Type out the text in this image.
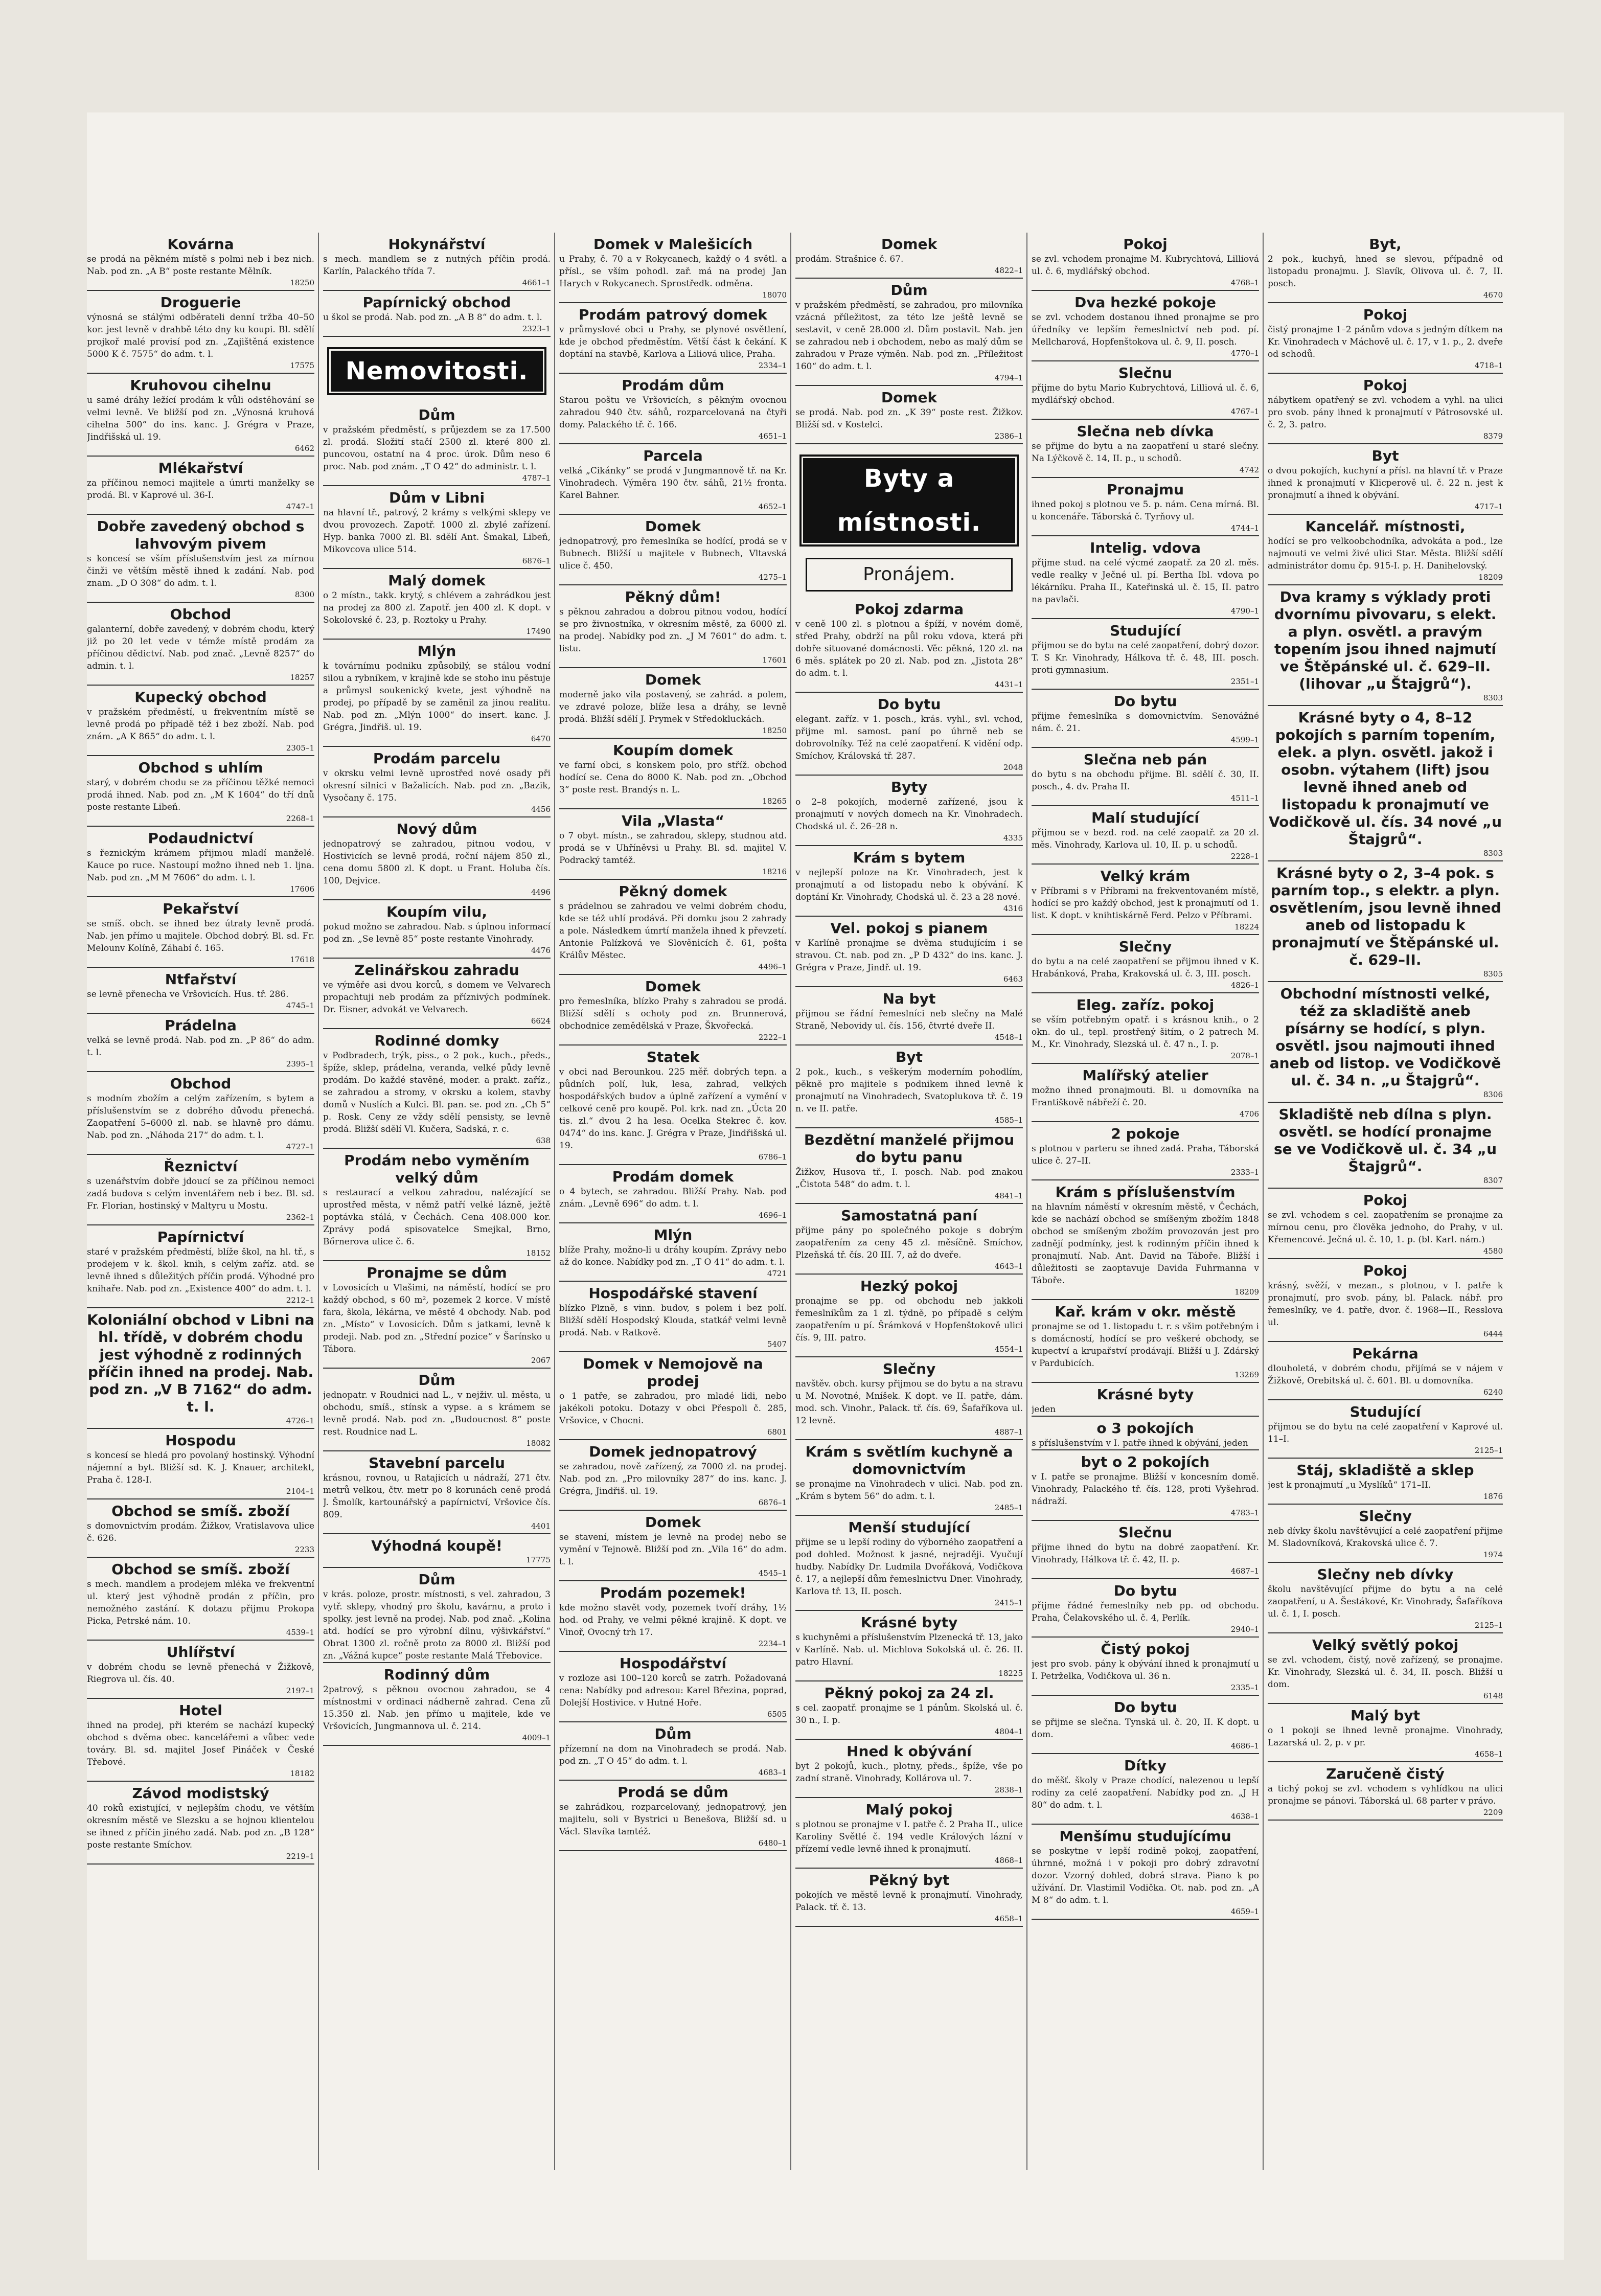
Kovárna
se prodá na pěkném místě s polmi neb i bez nich. Nab. pod zn. „A B“ poste restante Mělník.
18250
Droguerie
výnosná se stálými odběrateli denní tržba 40–50 kor. jest levně v drahbě této dny ku koupi. Bl. sdělí projkoř malé provisí pod zn. „Zajištěná existence 5000 K č. 7575“ do adm. t. l.
17575
Kruhovou cihelnu
u samé dráhy ležící prodám k vůli odstěhování se velmi levně. Ve bližší pod zn. „Výnosná kruhová cihelna 500“ do ins. kanc. J. Grégra v Praze, Jindřišská ul. 19.
6462
Mlékařství
za příčinou nemoci majitele a úmrti manželky se prodá. Bl. v Kaprové ul. 36-I.
4747–1
Dobře zavedený obchod s lahvovým pivem
s koncesí se vším příslušenstvím jest za mírnou činži ve větším městě ihned k zadání. Nab. pod znam. „D O 308“ do adm. t. l.
8300
Obchod
galanterní, dobře zavedený, v dobrém chodu, který již po 20 let vede v témže místě prodám za příčinou dědictví. Nab. pod znač. „Levně 8257“ do admin. t. l.
18257
Kupecký obchod
v pražském předměstí, u frekventním místě se levně prodá po případě též i bez zboží. Nab. pod znám. „A K 865“ do adm. t. l.
2305–1
Obchod s uhlím
starý, v dobrém chodu se za příčinou těžké nemoci prodá ihned. Nab. pod zn. „M K 1604“ do tří dnů poste restante Libeň.
2268–1
Podaudnictví
s řeznickým krámem přijmou mladí manželé. Kauce po ruce. Nastoupí možno ihned neb 1. ljna. Nab. pod zn. „M M 7606“ do adm. t. l.
17606
Pekařství
se smíš. obch. se ihned bez útraty levně prodá. Nab. jen přímo u majitele. Obchod dobrý. Bl. sd. Fr. Melounv Kolíně, Záhabí č. 165.
17618
Ntfařství
se levně přenecha ve Vršovicích. Hus. tř. 286.
4745–1
Prádelna
velká se levně prodá. Nab. pod zn. „P 86“ do adm. t. l.
2395–1
Obchod
s modním zbožím a celým zařízením, s bytem a příslušenstvím se z dobrého důvodu přenechá. Zaopatření 5–6000 zl. nab. se hlavně pro dámu. Nab. pod zn. „Náhoda 217“ do adm. t. l.
4727–1
Řeznictví
s uzenářstvím dobře jdoucí se za příčinou nemoci zadá budova s celým inventářem neb i bez. Bl. sd. Fr. Florian, hostinský v Maltyru u Mostu.
2362–1
Papírnictví
staré v pražském předměstí, blíže škol, na hl. tř., s prodejem v k. škol. knih, s celým zaříz. atd. se levně ihned s důležitých příčin prodá. Výhodné pro knihaře. Nab. pod zn. „Existence 400“ do adm. t. l.
2212–1
Koloniální obchod v Libni na hl. třídě, v dobrém chodu jest výhodně z rodinných příčin ihned na prodej. Nab. pod zn. „V B 7162“ do adm. t. l.
4726–1
Hospodu
s koncesí se hledá pro povolaný hostinský. Výhodní nájemní a byt. Bližší sd. K. J. Knauer, architekt, Praha č. 128-I.
2104–1
Obchod se smíš. zboží
s domovnictvím prodám. Žižkov, Vratislavova ulice č. 626.
2233
Obchod se smíš. zboží
s mech. mandlem a prodejem mléka ve frekventní ul. který jest výhodně prodán z příčin, pro nemožného zastání. K dotazu přijmu Prokopa Picka, Petrské nám. 10.
4539–1
Uhlířství
v dobrém chodu se levně přenechá v Žižkově, Riegrova ul. čís. 40.
2197–1
Hotel
ihned na prodej, při kterém se nachází kupecký obchod s dvěma obec. kancelářemi a vůbec vede továry. Bl. sd. majitel Josef Pináček v České Třebové.
18182
Závod modistský
40 roků existující, v nejlepším chodu, ve větším okresním městě ve Slezsku a se hojnou klientelou se ihned z příčin jiného zadá. Nab. pod zn. „B 128“ poste restante Smíchov.
2219–1
Hokynářství
s mech. mandlem se z nutných příčin prodá. Karlín, Palackého třída 7.
4661–1
Papírnický obchod
u škol se prodá. Nab. pod zn. „A B 8“ do adm. t. l.
2323–1
Nemovitosti.
Dům
v pražském předměstí, s průjezdem se za 17.500 zl. prodá. Složití stačí 2500 zl. které 800 zl. puncovou, ostatní na 4 proc. úrok. Dům neso 6 proc. Nab. pod znám. „T O 42“ do administr. t. l.
4787–1
Dům v Libni
na hlavní tř., patrový, 2 krámy s velkými sklepy ve dvou provozech. Zapotř. 1000 zl. zbylé zařízení. Hyp. banka 7000 zl. Bl. sdělí Ant. Šmakal, Libeň, Mikovcova ulice 514.
6876–1
Malý domek
o 2 místn., takk. krytý, s chlévem a zahrádkou jest na prodej za 800 zl. Zapotř. jen 400 zl. K dopt. v Sokolovské č. 23, p. Roztoky u Prahy.
17490
Mlýn
k továrnímu podniku způsobilý, se stálou vodní silou a rybníkem, v krajině kde se stoho inu pěstuje a průmysl soukenický kvete, jest výhodně na prodej, po případě by se zaměnil za jinou realitu. Nab. pod zn. „Mlýn 1000“ do insert. kanc. J. Grégra, Jindřiš. ul. 19.
6470
Prodám parcelu
v okrsku velmi levně uprostřed nové osady při okresní silnici v Bažalicích. Nab. pod zn. „Bazik, Vysočany č. 175.
4456
Nový dům
jednopatrový se zahradou, pitnou vodou, v Hostivicích se levně prodá, roční nájem 850 zl., cena domu 5800 zl. K dopt. u Frant. Holuba čís. 100, Dejvice.
4496
Koupím vilu,
pokud možno se zahradou. Nab. s úplnou informací pod zn. „Se levně 85“ poste restante Vinohrady.
4476
Zelinářskou zahradu
ve výměře asi dvou korců, s domem ve Velvarech propachtuji neb prodám za příznivých podmínek. Dr. Eisner, advokát ve Velvarech.
6624
Rodinné domky
v Podbradech, trýk, piss., o 2 pok., kuch., předs., špíže, sklep, prádelna, veranda, velké půdy levně prodám. Do každé stavěné, moder. a prakt. zaříz., se zahradou a stromy, v okrsku a kolem, stavby domů v Nuslích a Kulci. Bl. pan. se. pod zn. „Ch 5“ p. Rosk. Ceny ze vždy sdělí pensisty, se levně prodá. Bližší sdělí Vl. Kučera, Sadská, r. c.
638
Prodám nebo vyměním velký dům
s restaurací a velkou zahradou, nalézající se uprostřed města, v němž patří velké lázně, ježtě poptávka stálá, v Čechách. Cena 408.000 kor. Zprávy podá spisovatelce Smejkal, Brno, Bőrnerova ulice č. 6.
18152
Pronajme se dům
v Lovosicích u Vlašimi, na náměstí, hodící se pro každý obchod, s 60 m², pozemek 2 korce. V místě fara, škola, lékárna, ve městě 4 obchody. Nab. pod zn. „Místo“ v Lovosicích. Dům s jatkami, levně k prodeji. Nab. pod zn. „Střední pozice“ v Šarínsko u Tábora.
2067
Dům
jednopatr. v Roudnici nad L., v nejživ. ul. města, u obchodu, smíš., stínsk a vypse. a s krámem se levně prodá. Nab. pod zn. „Budoucnost 8“ poste rest. Roudnice nad L.
18082
Stavební parcelu
krásnou, rovnou, u Ratajicích u nádraží, 271 čtv. metrů velkou, čtv. metr po 8 korunách ceně prodá J. Šmolík, kartounářský a papírnictví, Vršovice čís. 809.
4401
Výhodná koupě!
17775
Dům
v krás. poloze, prostr. místnosti, s vel. zahradou, 3 vytř. sklepy, vhodný pro školu, kavárnu, a proto i spolky. jest levně na prodej. Nab. pod znač. „Kolina atd. hodící se pro výrobní dílnu, výšivkářství.“ Obrat 1300 zl. ročně proto za 8000 zl. Bližší pod zn. „Vážná kupce“ poste restante Malá Třebovice.
Rodinný dům
2patrový, s pěknou ovocnou zahradou, se 4 místnostmi v ordinaci nádherně zahrad. Cena zů 15.350 zl. Nab. jen přímo u majitele, kde ve Vršovicích, Jungmannova ul. č. 214.
4009–1
Domek v Malešicích
u Prahy, č. 70 a v Rokycanech, každý o 4 světl. a přísl., se vším pohodl. zař. má na prodej Jan Harych v Rokycanech. Sprostředk. odměna.
18070
Prodám patrový domek
v průmyslové obci u Prahy, se plynové osvětlení, kde je obchod předměstím. Větší část k čekání. K doptání na stavbě, Karlova a Liliová ulice, Praha.
2334–1
Prodám dům
Starou poštu ve Vršovicích, s pěkným ovocnou zahradou 940 čtv. sáhů, rozparcelovaná na čtyři domy. Palackého tř. č. 166.
4651–1
Parcela
velká „Cikánky“ se prodá v Jungmannově tř. na Kr. Vinohradech. Výměra 190 čtv. sáhů, 21½ fronta. Karel Bahner.
4652–1
Domek
jednopatrový, pro řemeslníka se hodící, prodá se v Bubnech. Bližší u majitele v Bubnech, Vltavská ulice č. 450.
4275–1
Pěkný dům!
s pěknou zahradou a dobrou pitnou vodou, hodící se pro živnostníka, v okresním městě, za 6000 zl. na prodej. Nabídky pod zn. „J M 7601“ do adm. t. listu.
17601
Domek
moderně jako vila postavený, se zahrád. a polem, ve zdravé poloze, blíže lesa a dráhy, se levně prodá. Bližší sdělí J. Prymek v Středokluckách.
18250
Koupím domek
ve farní obci, s konskem polo, pro stříž. obchod hodící se. Cena do 8000 K. Nab. pod zn. „Obchod 3“ poste rest. Brandýs n. L.
18265
Vila „Vlasta“
o 7 obyt. místn., se zahradou, sklepy, studnou atd. prodá se v Uhříněvsi u Prahy. Bl. sd. majitel V. Podracký tamtéž.
18216
Pěkný domek
s prádelnou se zahradou ve velmi dobrém chodu, kde se též uhlí prodává. Při domku jsou 2 zahrady a pole. Následkem úmrtí manžela ihned k převzetí. Antonie Palízková ve Slověnicích č. 61, pošta Králův Městec.
4496–1
Domek
pro řemeslníka, blízko Prahy s zahradou se prodá. Bližší sdělí s ochoty pod zn. Brunnerová, obchodnice zemědělská v Praze, Škvořecká.
2222–1
Statek
v obci nad Berounkou. 225 měř. dobrých tepn. a půdních polí, luk, lesa, zahrad, velkých hospodářských budov a úplně zařízení a vymění v celkové ceně pro koupě. Pol. krk. nad zn. „Úcta 20 tis. zl.“ dvou 2 ha lesa. Ocelka Stekrec č. kov. 0474“ do ins. kanc. J. Grégra v Praze, Jindřišská ul. 19.
6786–1
Prodám domek
o 4 bytech, se zahradou. Bližší Prahy. Nab. pod znám. „Levně 696“ do adm. t. l.
4696–1
Mlýn
blíže Prahy, možno-li u dráhy koupím. Zprávy nebo až do konce. Nabídky pod zn. „T O 41“ do adm. t. l.
4721
Hospodářské stavení
blízko Plzně, s vinn. budov, s polem i bez polí. Bližší sdělí Hospodský Klouda, statkář velmi levně prodá. Nab. v Ratkově.
5407
Domek v Nemojově na prodej
o 1 patře, se zahradou, pro mladé lidi, nebo jakékoli potoku. Dotazy v obci Přespoli č. 285, Vršovice, v Chocni.
6801
Domek jednopatrový
se zahradou, nově zařízený, za 7000 zl. na prodej. Nab. pod zn. „Pro milovníky 287“ do ins. kanc. J. Grégra, Jindřiš. ul. 19.
6876–1
Domek
se stavení, místem je levně na prodej nebo se vymění v Tejnowě. Bližší pod zn. „Vila 16“ do adm. t. l.
4545–1
Prodám pozemek!
kde možno stavět vody, pozemek tvoří dráhy, 1½ hod. od Prahy, ve velmi pěkné krajině. K dopt. ve Vinoř, Ovocný trh 17.
2234–1
Hospodářství
v rozloze asi 100–120 korců se zatrh. Požadovaná cena: Nabídky pod adresou: Karel Březina, poprad, Dolejší Hostivice. v Hutné Hoře.
6505
Dům
přízemní na dom na Vinohradech se prodá. Nab. pod zn. „T O 45“ do adm. t. l.
4683–1
Prodá se dům
se zahrádkou, rozparcelovaný, jednopatrový, jen majitelu, soli v Bystrici u Benešova, Bližší sd. u Václ. Slavíka tamtéž.
6480–1
Domek
prodám. Strašnice č. 67.
4822–1
Dům
v pražském předměstí, se zahradou, pro milovníka vzácná příležitost, za této lze ještě levně se sestavit, v ceně 28.000 zl. Dům postavit. Nab. jen se zahradou neb i obchodem, nebo as malý dům se zahradou v Praze výměn. Nab. pod zn. „Příležitost 160“ do adm. t. l.
4794–1
Domek
se prodá. Nab. pod zn. „K 39“ poste rest. Žižkov. Bližší sd. v Kostelci.
2386–1
Byty a místnosti.
Pronájem.
Pokoj zdarma
v ceně 100 zl. s plotnou a špíží, v novém domě, střed Prahy, obdrží na půl roku vdova, která při dobře situované domácnosti. Věc pěkná, 120 zl. na 6 měs. splátek po 20 zl. Nab. pod zn. „Jistota 28“ do adm. t. l.
4431–1
Do bytu
elegant. zaříz. v 1. posch., krás. vyhl., svl. vchod, přijme ml. samost. paní po úhrně neb se dobrovolníky. Též na celé zaopatření. K vidění odp. Smíchov, Královská tř. 287.
2048
Byty
o 2–8 pokojích, moderně zařízené, jsou k pronajmutí v nových domech na Kr. Vinohradech. Chodská ul. č. 26–28 n.
4335
Krám s bytem
v nejlepší poloze na Kr. Vinohradech, jest k pronajmutí a od listopadu nebo k obývání. K doptání Kr. Vinohrady, Chodská ul. č. 23 a 28 nové.
4316
Vel. pokoj s pianem
v Karlíně pronajme se dvěma studujícím i se stravou. Ct. nab. pod zn. „P D 432“ do ins. kanc. J. Grégra v Praze, Jindř. ul. 19.
6463
Na byt
přijmou se řádní řemeslníci neb slečny na Malé Straně, Nebovidy ul. čís. 156, čtvrté dveře II.
4548–1
Byt
2 pok., kuch., s veškerým moderním pohodlím, pěkně pro majitele s podnikem ihned levně k pronajmutí na Vinohradech, Svatoplukova tř. č. 19 n. ve II. patře.
4585–1
Bezdětní manželé přijmou do bytu panu
Žižkov, Husova tř., I. posch. Nab. pod znakou „Čistota 548“ do adm. t. l.
4841–1
Samostatná paní
přijme pány po společného pokoje s dobrým zaopatřením za ceny 45 zl. měsíčně. Smíchov, Plzeňská tř. čís. 20 III. 7, až do dveře.
4643–1
Hezký pokoj
pronajme se pp. od obchodu neb jakkoli řemeslníkům za 1 zl. týdně, po případě s celým zaopatřením u pí. Šrámková v Hopfenštokově ulici čís. 9, III. patro.
4554–1
Slečny
navštěv. obch. kursy přijmou se do bytu a na stravu u M. Novotné, Mníšek. K dopt. ve II. patře, dám. mod. sch. Vinohr., Palack. tř. čís. 69, Šafaříkova ul. 12 levně.
4887–1
Krám s světlím kuchyně a domovnictvím
se pronajme na Vinohradech v ulici. Nab. pod zn. „Krám s bytem 56“ do adm. t. l.
2485–1
Menší studující
přijme se u lepší rodiny do výborného zaopatření a pod dohled. Možnost k jasné, nejraději. Vyučují hudby. Nabídky Dr. Ludmila Dvořáková, Vodičkova č. 17, a nejlepší dům řemeslnictvu Dner. Vinohrady, Karlova tř. 13, II. posch.
2415–1
Krásné byty
s kuchyněmi a příslušenstvím Plzenecká tř. 13, jako v Karlíně. Nab. ul. Michlova Sokolská ul. č. 26. II. patro Hlavní.
18225
Pěkný pokoj za 24 zl.
s cel. zaopatř. pronajme se 1 pánům. Skolská ul. č. 30 n., I. p.
4804–1
Hned k obývání
byt 2 pokojů, kuch., plotny, předs., špíže, vše po zadní straně. Vinohrady, Kollárova ul. 7.
2838–1
Malý pokoj
s plotnou se pronajme v I. patře č. 2 Praha II., ulice Karoliny Světlé č. 194 vedle Králových lázní v přízemí vedle levně ihned k pronajmutí.
4868–1
Pěkný byt
pokojích ve městě levně k pronajmutí. Vinohrady, Palack. tř. č. 13.
4658–1
Pokoj
se zvl. vchodem pronajme M. Kubrychtová, Lilliová ul. č. 6, mydlářský obchod.
4768–1
Dva hezké pokoje
se zvl. vchodem dostanou ihned pronajme se pro úředníky ve lepším řemeslnictví neb pod. pí. Mellcharová, Hopfenštokova ul. č. 9, II. posch.
4770–1
Slečnu
přijme do bytu Mario Kubrychtová, Lilliová ul. č. 6, mydlářský obchod.
4767–1
Slečna neb dívka
se přijme do bytu a na zaopatření u staré slečny. Na Lýčkově č. 14, II. p., u schodů.
4742
Pronajmu
ihned pokoj s plotnou ve 5. p. nám. Cena mírná. Bl. u koncenáře. Táborská č. Tyrňovy ul.
4744–1
Intelig. vdova
přijme stud. na celé výcmé zaopatř. za 20 zl. měs. vedle realky v Ječné ul. pí. Bertha Ibl. vdova po lékárníku. Praha II., Kateřinská ul. č. 15, II. patro na pavlači.
4790–1
Studující
přijmou se do bytu na celé zaopatření, dobrý dozor. T. S Kr. Vinohrady, Hálkova tř. č. 48, III. posch. proti gymnasium.
2351–1
Do bytu
přijme řemeslníka s domovnictvím. Senovážné nám. č. 21.
4599–1
Slečna neb pán
do bytu s na obchodu přijme. Bl. sdělí č. 30, II. posch., 4. dv. Praha II.
4511–1
Malí studující
přijmou se v bezd. rod. na celé zaopatř. za 20 zl. měs. Vinohrady, Karlova ul. 10, II. p. u schodů.
2228–1
Velký krám
v Příbrami s v Příbrami na frekventovaném místě, hodící se pro každý obchod, jest k pronajmutí od 1. list. K dopt. v knihtiskárně Ferd. Pelzo v Příbrami.
18224
Slečny
do bytu a na celé zaopatření se přijmou ihned v K. Hrabánková, Praha, Krakovská ul. č. 3, III. posch.
4826–1
Eleg. zaříz. pokoj
se vším potřebným opatř. i s krásnou knih., o 2 okn. do ul., tepl. prostřený šitím, o 2 patrech M. M., Kr. Vinohrady, Slezská ul. č. 47 n., I. p.
2078–1
Malířský atelier
možno ihned pronajmouti. Bl. u domovníka na Františkově nábřeží č. 20.
4706
2 pokoje
s plotnou v parteru se ihned zadá. Praha, Táborská ulice č. 27–II.
2333–1
Krám s příslušenstvím
na hlavním náměstí v okresním městě, v Čechách, kde se nachází obchod se smíšeným zbožím 1848 obchod se smíšeným zbožím provozován jest pro zadnějí podmínky, jest k rodinným příčin ihned k pronajmutí. Nab. Ant. David na Táboře. Bližší i důležitosti se zaoptavuje Davida Fuhrmanna v Táboře.
18209
Kař. krám v okr. městě
pronajme se od 1. listopadu t. r. s všim potřebným i s domácností, hodící se pro veškeré obchody, se kupectví a krupařství prodávají. Bližší u J. Zdárský v Pardubicích.
13269
Krásné byty
jeden
o 3 pokojích
s příslušenstvím v I. patře ihned k obývání, jeden
byt o 2 pokojích
v I. patře se pronajme. Bližší v koncesním domě. Vinohrady, Palackého tř. čís. 128, proti Vyšehrad. nádraží.
4783–1
Slečnu
přijme ihned do bytu na dobré zaopatření. Kr. Vinohrady, Hálkova tř. č. 42, II. p.
4687–1
Do bytu
přijme řádné řemeslníky neb pp. od obchodu. Praha, Čelakovského ul. č. 4, Perlík.
2940–1
Čistý pokoj
jest pro svob. pány k obývání ihned k pronajmutí u I. Petrželka, Vodičkova ul. 36 n.
2335–1
Do bytu
se přijme se slečna. Tynská ul. č. 20, II. K dopt. u dom.
4686–1
Dítky
do měšť. školy v Praze chodící, nalezenou u lepší rodiny za celé zaopatření. Nabídky pod zn. „J H 80“ do adm. t. l.
4638–1
Menšímu studujícímu
se poskytne v lepší rodině pokoj, zaopatření, úhrnné, možná i v pokoji pro dobrý zdravotní dozor. Vzorný dohled, dobrá strava. Piano k po užívání. Dr. Vlastimil Vodička. Ot. nab. pod zn. „A M 8“ do adm. t. l.
4659–1
Byt,
2 pok., kuchyň, hned se slevou, případně od listopadu pronajmu. J. Slavík, Olivova ul. č. 7, II. posch.
4670
Pokoj
čistý pronajme 1–2 pánům vdova s jedným dítkem na Kr. Vinohradech v Máchově ul. č. 17, v 1. p., 2. dveře od schodů.
4718–1
Pokoj
nábytkem opatřený se zvl. vchodem a vyhl. na ulici pro svob. pány ihned k pronajmutí v Pátrosovské ul. č. 2, 3. patro.
8379
Byt
o dvou pokojích, kuchyní a přísl. na hlavní tř. v Praze ihned k pronajmutí v Klicperově ul. č. 22 n. jest k pronajmutí a ihned k obývání.
4717–1
Kancelář. místnosti,
hodící se pro velkoobchodníka, advokáta a pod., lze najmouti ve velmi živé ulici Star. Města. Bližší sdělí administrátor domu čp. 915-I. p. H. Danihelovský.
18209
Dva kramy s výklady proti dvornímu pivovaru, s elekt. a plyn. osvětl. a pravým topením jsou ihned najmutí ve Štěpánské ul. č. 629–II. (lihovar „u Štajgrů“).
8303
Krásné byty o 4, 8–12 pokojích s parním topením, elek. a plyn. osvětl. jakož i osobn. výtahem (lift) jsou levně ihned aneb od listopadu k pronajmutí ve Vodičkově ul. čís. 34 nové „u Štajgrů“.
8303
Krásné byty o 2, 3–4 pok. s parním top., s elektr. a plyn. osvětlením, jsou levně ihned aneb od listopadu k pronajmutí ve Štěpánské ul. č. 629–II.
8305
Obchodní místnosti velké, též za skladiště aneb písárny se hodící, s plyn. osvětl. jsou najmouti ihned aneb od listop. ve Vodičkově ul. č. 34 n. „u Štajgrů“.
8306
Skladiště neb dílna s plyn. osvětl. se hodící pronajme se ve Vodičkově ul. č. 34 „u Štajgrů“.
8307
Pokoj
se zvl. vchodem s cel. zaopatřením se pronajme za mírnou cenu, pro člověka jednoho, do Prahy, v ul. Křemencové. Ječná ul. č. 10, 1. p. (bl. Karl. nám.)
4580
Pokoj
krásný, svěží, v mezan., s plotnou, v I. patře k pronajmutí, pro svob. pány, bl. Palack. nábř. pro řemeslníky, ve 4. patře, dvor. č. 1968—II., Resslova ul.
6444
Pekárna
dlouholetá, v dobrém chodu, přijímá se v nájem v Žižkově, Orebitská ul. č. 601. Bl. u domovníka.
6240
Studující
přijmou se do bytu na celé zaopatření v Kaprové ul. 11–I.
2125–1
Stáj, skladiště a sklep
jest k pronajmutí „u Myslíků“ 171–II.
1876
Slečny
neb dívky školu navštěvující a celé zaopatření přijme M. Sladovníková, Krakovská ulice č. 7.
1974
Slečny neb dívky
školu navštěvující přijme do bytu a na celé zaopatření, u A. Šestákové, Kr. Vinohrady, Šafaříkova ul. č. 1, I. posch.
2125–1
Velký světlý pokoj
se zvl. vchodem, čistý, nově zařízený, se pronajme. Kr. Vinohrady, Slezská ul. č. 34, II. posch. Bližší u dom.
6148
Malý byt
o 1 pokoji se ihned levně pronajme. Vinohrady, Lazarská ul. 2, p. v pr.
4658–1
Zaručeně čistý
a tichý pokoj se zvl. vchodem s vyhlídkou na ulici pronajme se pánovi. Táborská ul. 68 parter v právo.
2209
